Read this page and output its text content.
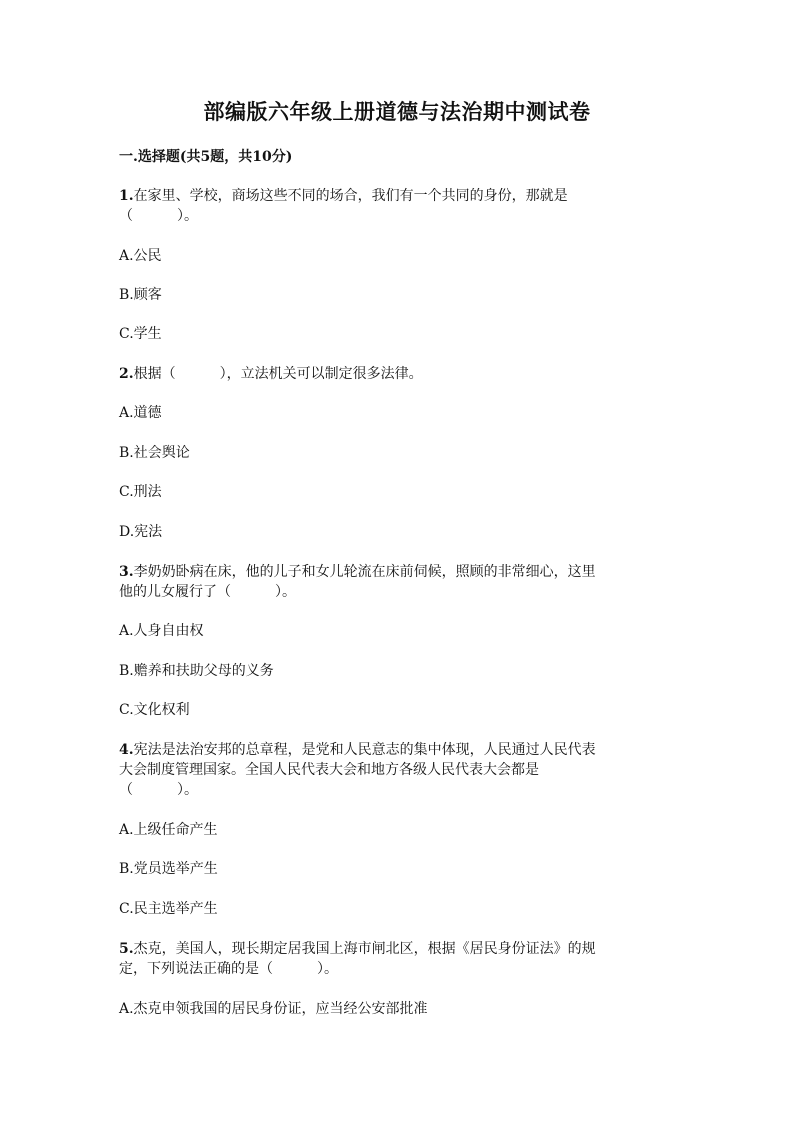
部编版六年级上册道德与法治期中测试卷
一.选择题(共5题，共10分)
1.在家里、学校，商场这些不同的场合，我们有一个共同的身份，那就是
（	）。
A.公民
B.顾客
C.学生
2.根据（	），立法机关可以制定很多法律。
A.道德
B.社会舆论
C.刑法
D.宪法
3.李奶奶卧病在床，他的儿子和女儿轮流在床前伺候，照顾的非常细心，这里
他的儿女履行了（	）。
A.人身自由权
B.赡养和扶助父母的义务
C.文化权利
4.宪法是法治安邦的总章程，是党和人民意志的集中体现，人民通过人民代表
大会制度管理国家。全国人民代表大会和地方各级人民代表大会都是
（	）。
A.上级任命产生
B.党员选举产生
C.民主选举产生
5.杰克，美国人，现长期定居我国上海市闸北区，根据《居民身份证法》的规
定，下列说法正确的是（	）。
A.杰克申领我国的居民身份证，应当经公安部批准
